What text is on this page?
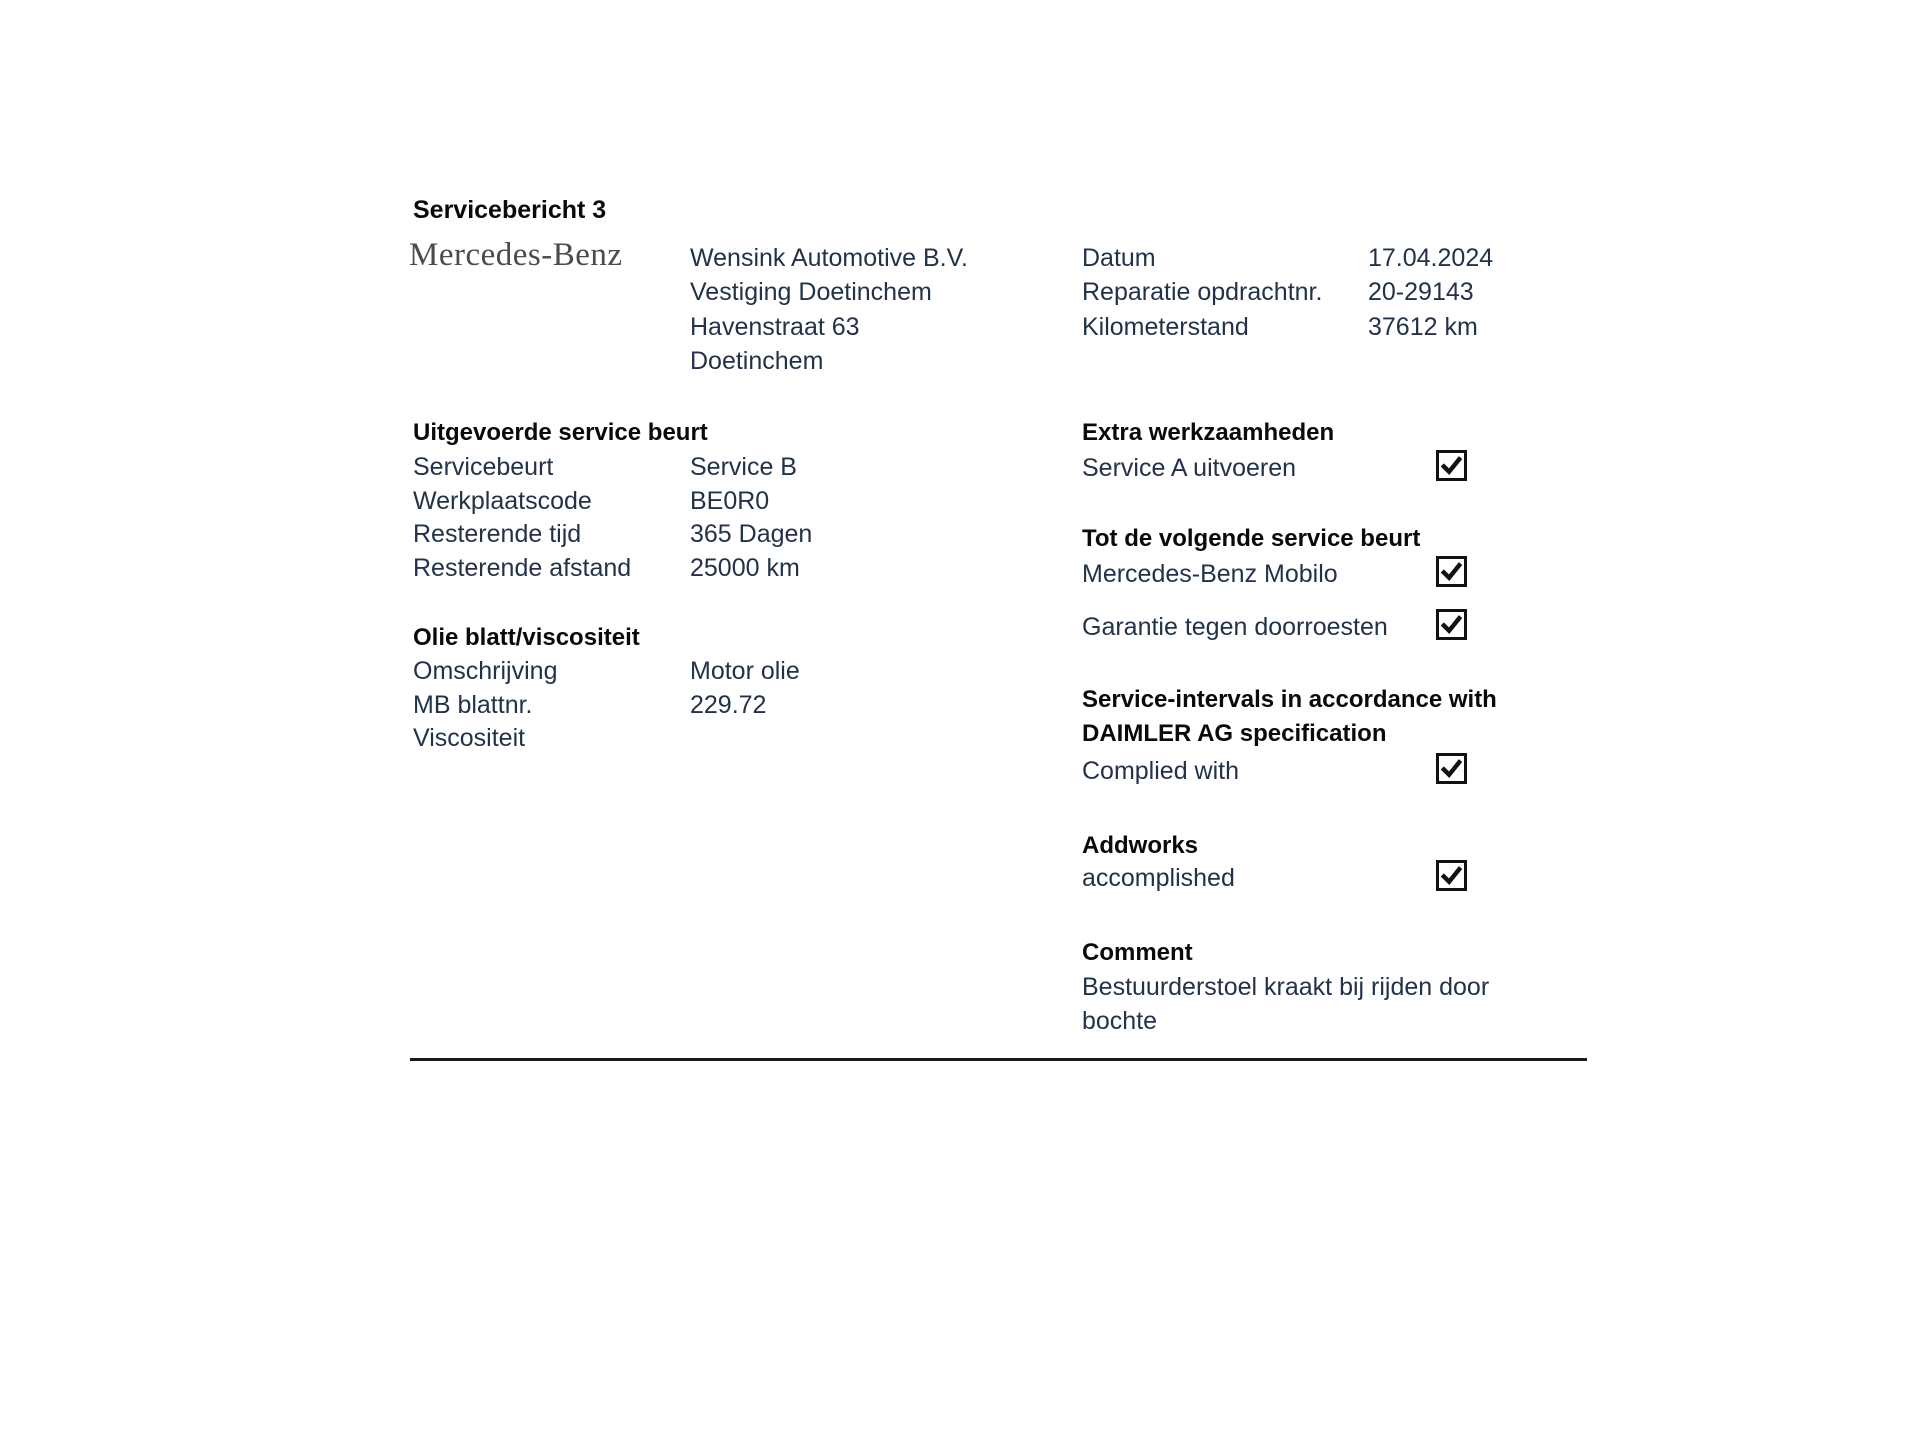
Servicebericht 3
Mercedes-Benz	Wensink Automotive B.V.
Vestiging Doetinchem
Havenstraat 63
Doetinchem
Datum	17.04.2024
Reparatie opdrachtnr.	20-29143
Kilometerstand	37612 km
Uitgevoerde service beurt
Servicebeurt	Service B
Werkplaatscode	BE0R0
Resterende tijd	365 Dagen
Resterende afstand	25000 km
Olie blatt/viscositeit
Omschrijving	Motor olie
MB blattnr.	229.72
Viscositeit
Extra werkzaamheden
Service A uitvoeren
Tot de volgende service beurt
Mercedes-Benz Mobilo
Garantie tegen doorroesten
Service-intervals in accordance with
DAIMLER AG specification
Complied with
Addworks
accomplished
Comment
Bestuurderstoel kraakt bij rijden door
bochte
